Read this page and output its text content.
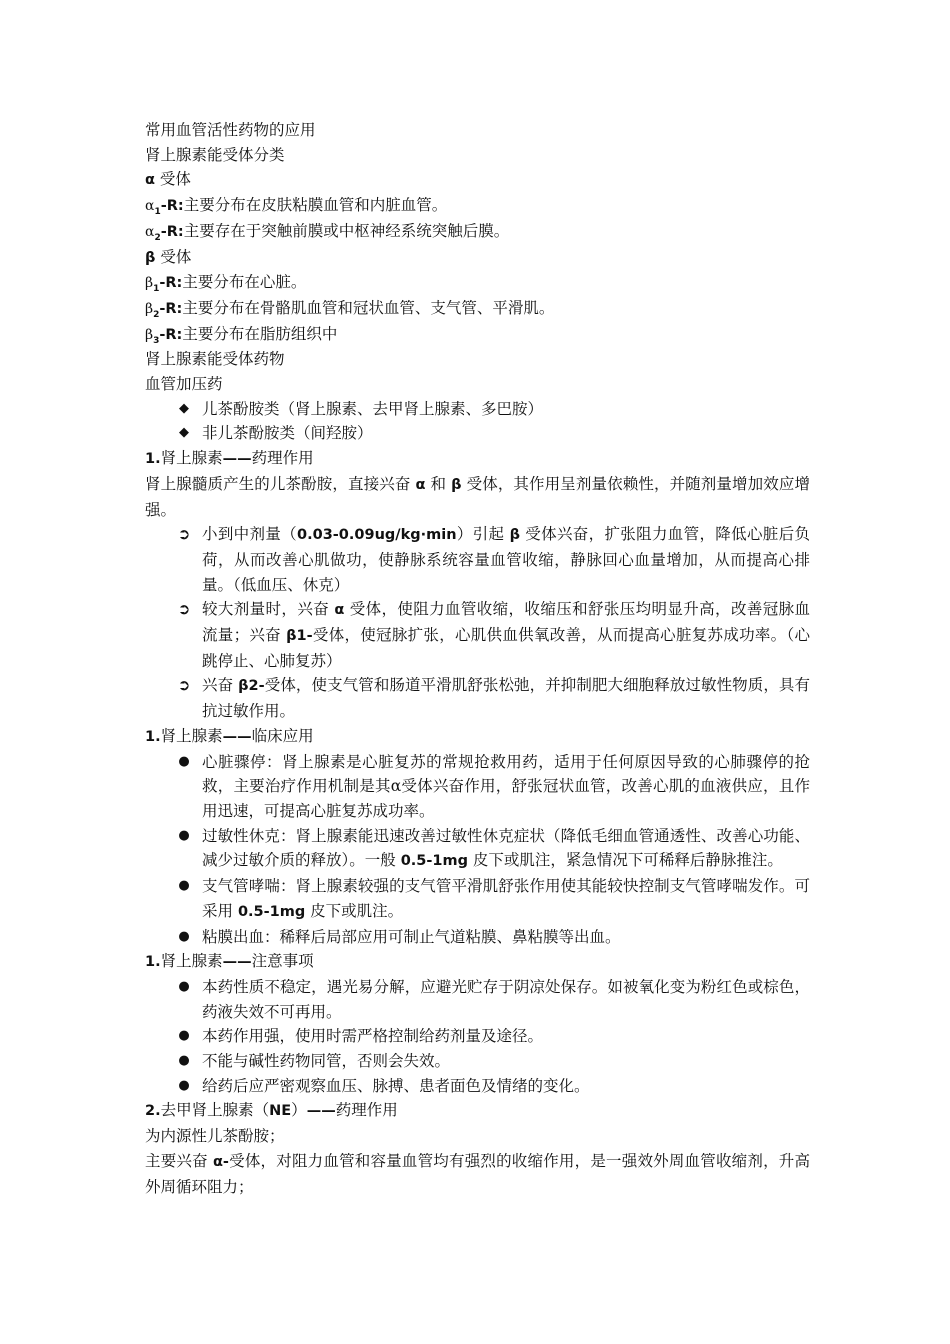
常用血管活性药物的应用
肾上腺素能受体分类
α 受体
$\alpha_1-R$:主要分布在皮肤粘膜血管和内脏血管。
$\alpha_2-R$:主要存在于突触前膜或中枢神经系统突触后膜。
β 受体
$\beta_1-R$:主要分布在心脏。
$\beta_2-R$:主要分布在骨骼肌血管和冠状血管、支气管、平滑肌。
$\beta_3-R$:主要分布在脂肪组织中
肾上腺素能受体药物
血管加压药
◆ 儿茶酚胺类（肾上腺素、去甲肾上腺素、多巴胺）
◆ 非儿茶酚胺类（间羟胺）
1.肾上腺素——药理作用
肾上腺髓质产生的儿茶酚胺，直接兴奋 α 和 β 受体，其作用呈剂量依赖性，并随剂量增加效应增强。
➲ 小到中剂量（0.03-0.09ug/kg·min）引起 β 受体兴奋，扩张阻力血管，降低心脏后负荷，从而改善心肌做功，使静脉系统容量血管收缩，静脉回心血量增加，从而提高心排量。（低血压、休克）
➲ 较大剂量时，兴奋 α 受体，使阻力血管收缩，收缩压和舒张压均明显升高，改善冠脉血流量；兴奋 β1-受体，使冠脉扩张，心肌供血供氧改善，从而提高心脏复苏成功率。（心跳停止、心肺复苏）
➲ 兴奋 β2-受体，使支气管和肠道平滑肌舒张松弛，并抑制肥大细胞释放过敏性物质，具有抗过敏作用。
1.肾上腺素——临床应用
● 心脏骤停：肾上腺素是心脏复苏的常规抢救用药，适用于任何原因导致的心肺骤停的抢救，主要治疗作用机制是其α受体兴奋作用，舒张冠状血管，改善心肌的血液供应，且作用迅速，可提高心脏复苏成功率。
● 过敏性休克：肾上腺素能迅速改善过敏性休克症状（降低毛细血管通透性、改善心功能、减少过敏介质的释放）。一般 0.5-1mg 皮下或肌注，紧急情况下可稀释后静脉推注。
● 支气管哮喘：肾上腺素较强的支气管平滑肌舒张作用使其能较快控制支气管哮喘发作。可采用 0.5-1mg 皮下或肌注。
● 粘膜出血：稀释后局部应用可制止气道粘膜、鼻粘膜等出血。
1.肾上腺素——注意事项
● 本药性质不稳定，遇光易分解，应避光贮存于阴凉处保存。如被氧化变为粉红色或棕色，药液失效不可再用。
● 本药作用强，使用时需严格控制给药剂量及途径。
● 不能与碱性药物同管，否则会失效。
● 给药后应严密观察血压、脉搏、患者面色及情绪的变化。
2.去甲肾上腺素（NE）——药理作用
为内源性儿茶酚胺；
主要兴奋 α-受体，对阻力血管和容量血管均有强烈的收缩作用，是一强效外周血管收缩剂，升高外周循环阻力；
